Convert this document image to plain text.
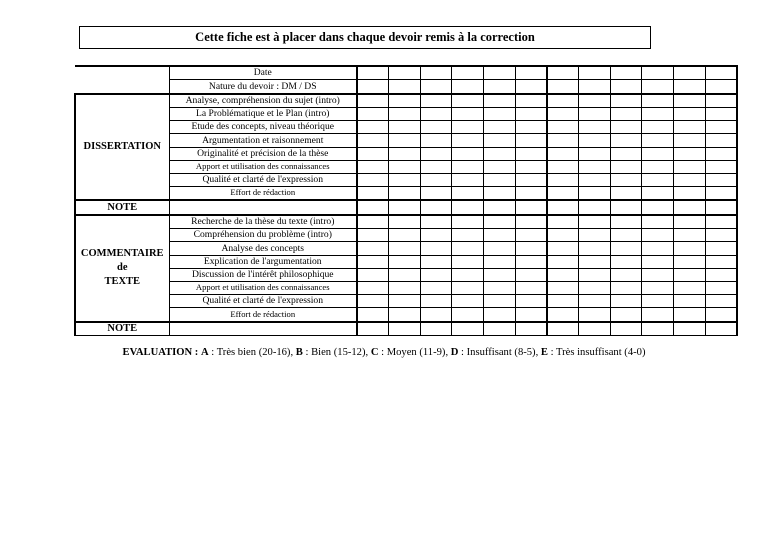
Cette fiche est à placer dans chaque devoir remis à la correction
	Date												
	Nature du devoir : DM / DS												

DISSERTATION	Analyse, compréhension du sujet (intro)												
	La Problématique et le Plan (intro)												
	Etude des concepts, niveau théorique												
	Argumentation et raisonnement												
	Originalité et précision de la thèse												
	Apport et utilisation des connaissances												
	Qualité et clarté de l'expression												
	Effort de rédaction												
NOTE													

COMMENTAIRE
de
TEXTE	Recherche de la thèse du texte (intro)												
	Compréhension du problème (intro)												
	Analyse des concepts												
	Explication de l'argumentation												
	Discussion de l'intérêt philosophique												
	Apport et utilisation des connaissances												
	Qualité et clarté de l'expression												
	Effort de rédaction												
NOTE													
EVALUATION : A : Très bien (20-16), B : Bien (15-12), C : Moyen (11-9), D : Insuffisant (8-5), E : Très insuffisant (4-0)
